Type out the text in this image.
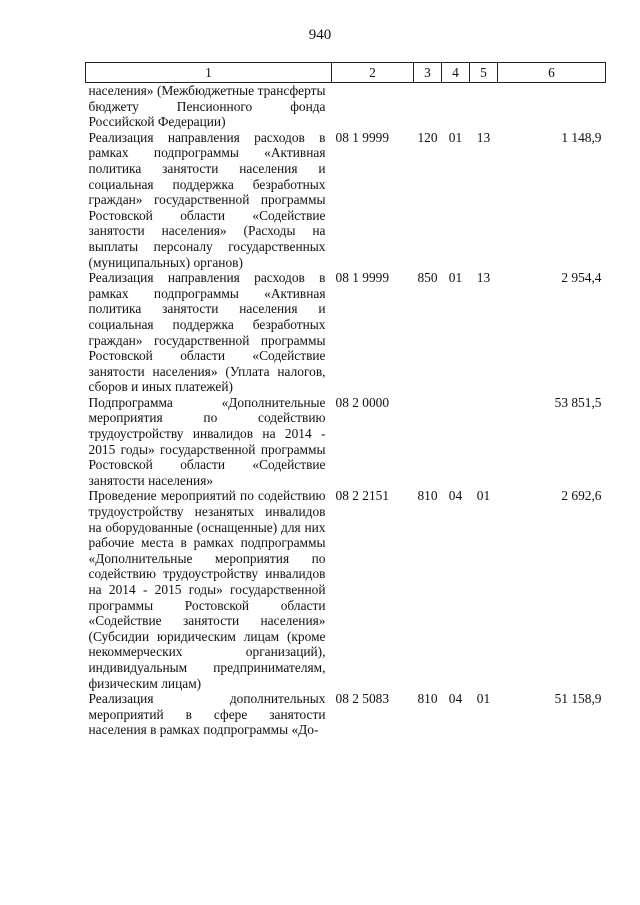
940
1	2	3	4	5	6
населения» (Межбюджетные трансферты бюджету Пенсионного фонда Российской Федерации)					
Реализация направления расходов в рамках подпрограммы «Активная политика занятости населения и социальная поддержка безработных граждан» государственной программы Ростовской области «Содействие занятости населения» (Расходы на выплаты персоналу государственных (муниципальных) органов)	08 1 9999	120	01	13	1 148,9
Реализация направления расходов в рамках подпрограммы «Активная политика занятости населения и социальная поддержка безработных граждан» государственной программы Ростовской области «Содействие занятости населения» (Уплата налогов, сборов и иных платежей)	08 1 9999	850	01	13	2 954,4
Подпрограмма «Дополнительные мероприятия по содействию трудоустройству инвалидов на 2014 - 2015 годы» государственной программы Ростовской области «Содействие занятости населения»	08 2 0000				53 851,5
Проведение мероприятий по содействию трудоустройству незанятых инвалидов на оборудованные (оснащенные) для них рабочие места в рамках подпрограммы «Дополнительные мероприятия по содействию трудоустройству инвалидов на 2014 - 2015 годы» государственной программы Ростовской области «Содействие занятости населения» (Субсидии юридическим лицам (кроме некоммерческих организаций), индивидуальным предпринимателям, физическим лицам)	08 2 2151	810	04	01	2 692,6
Реализация дополнительных мероприятий в сфере занятости населения в рамках подпрограммы «До-	08 2 5083	810	04	01	51 158,9
